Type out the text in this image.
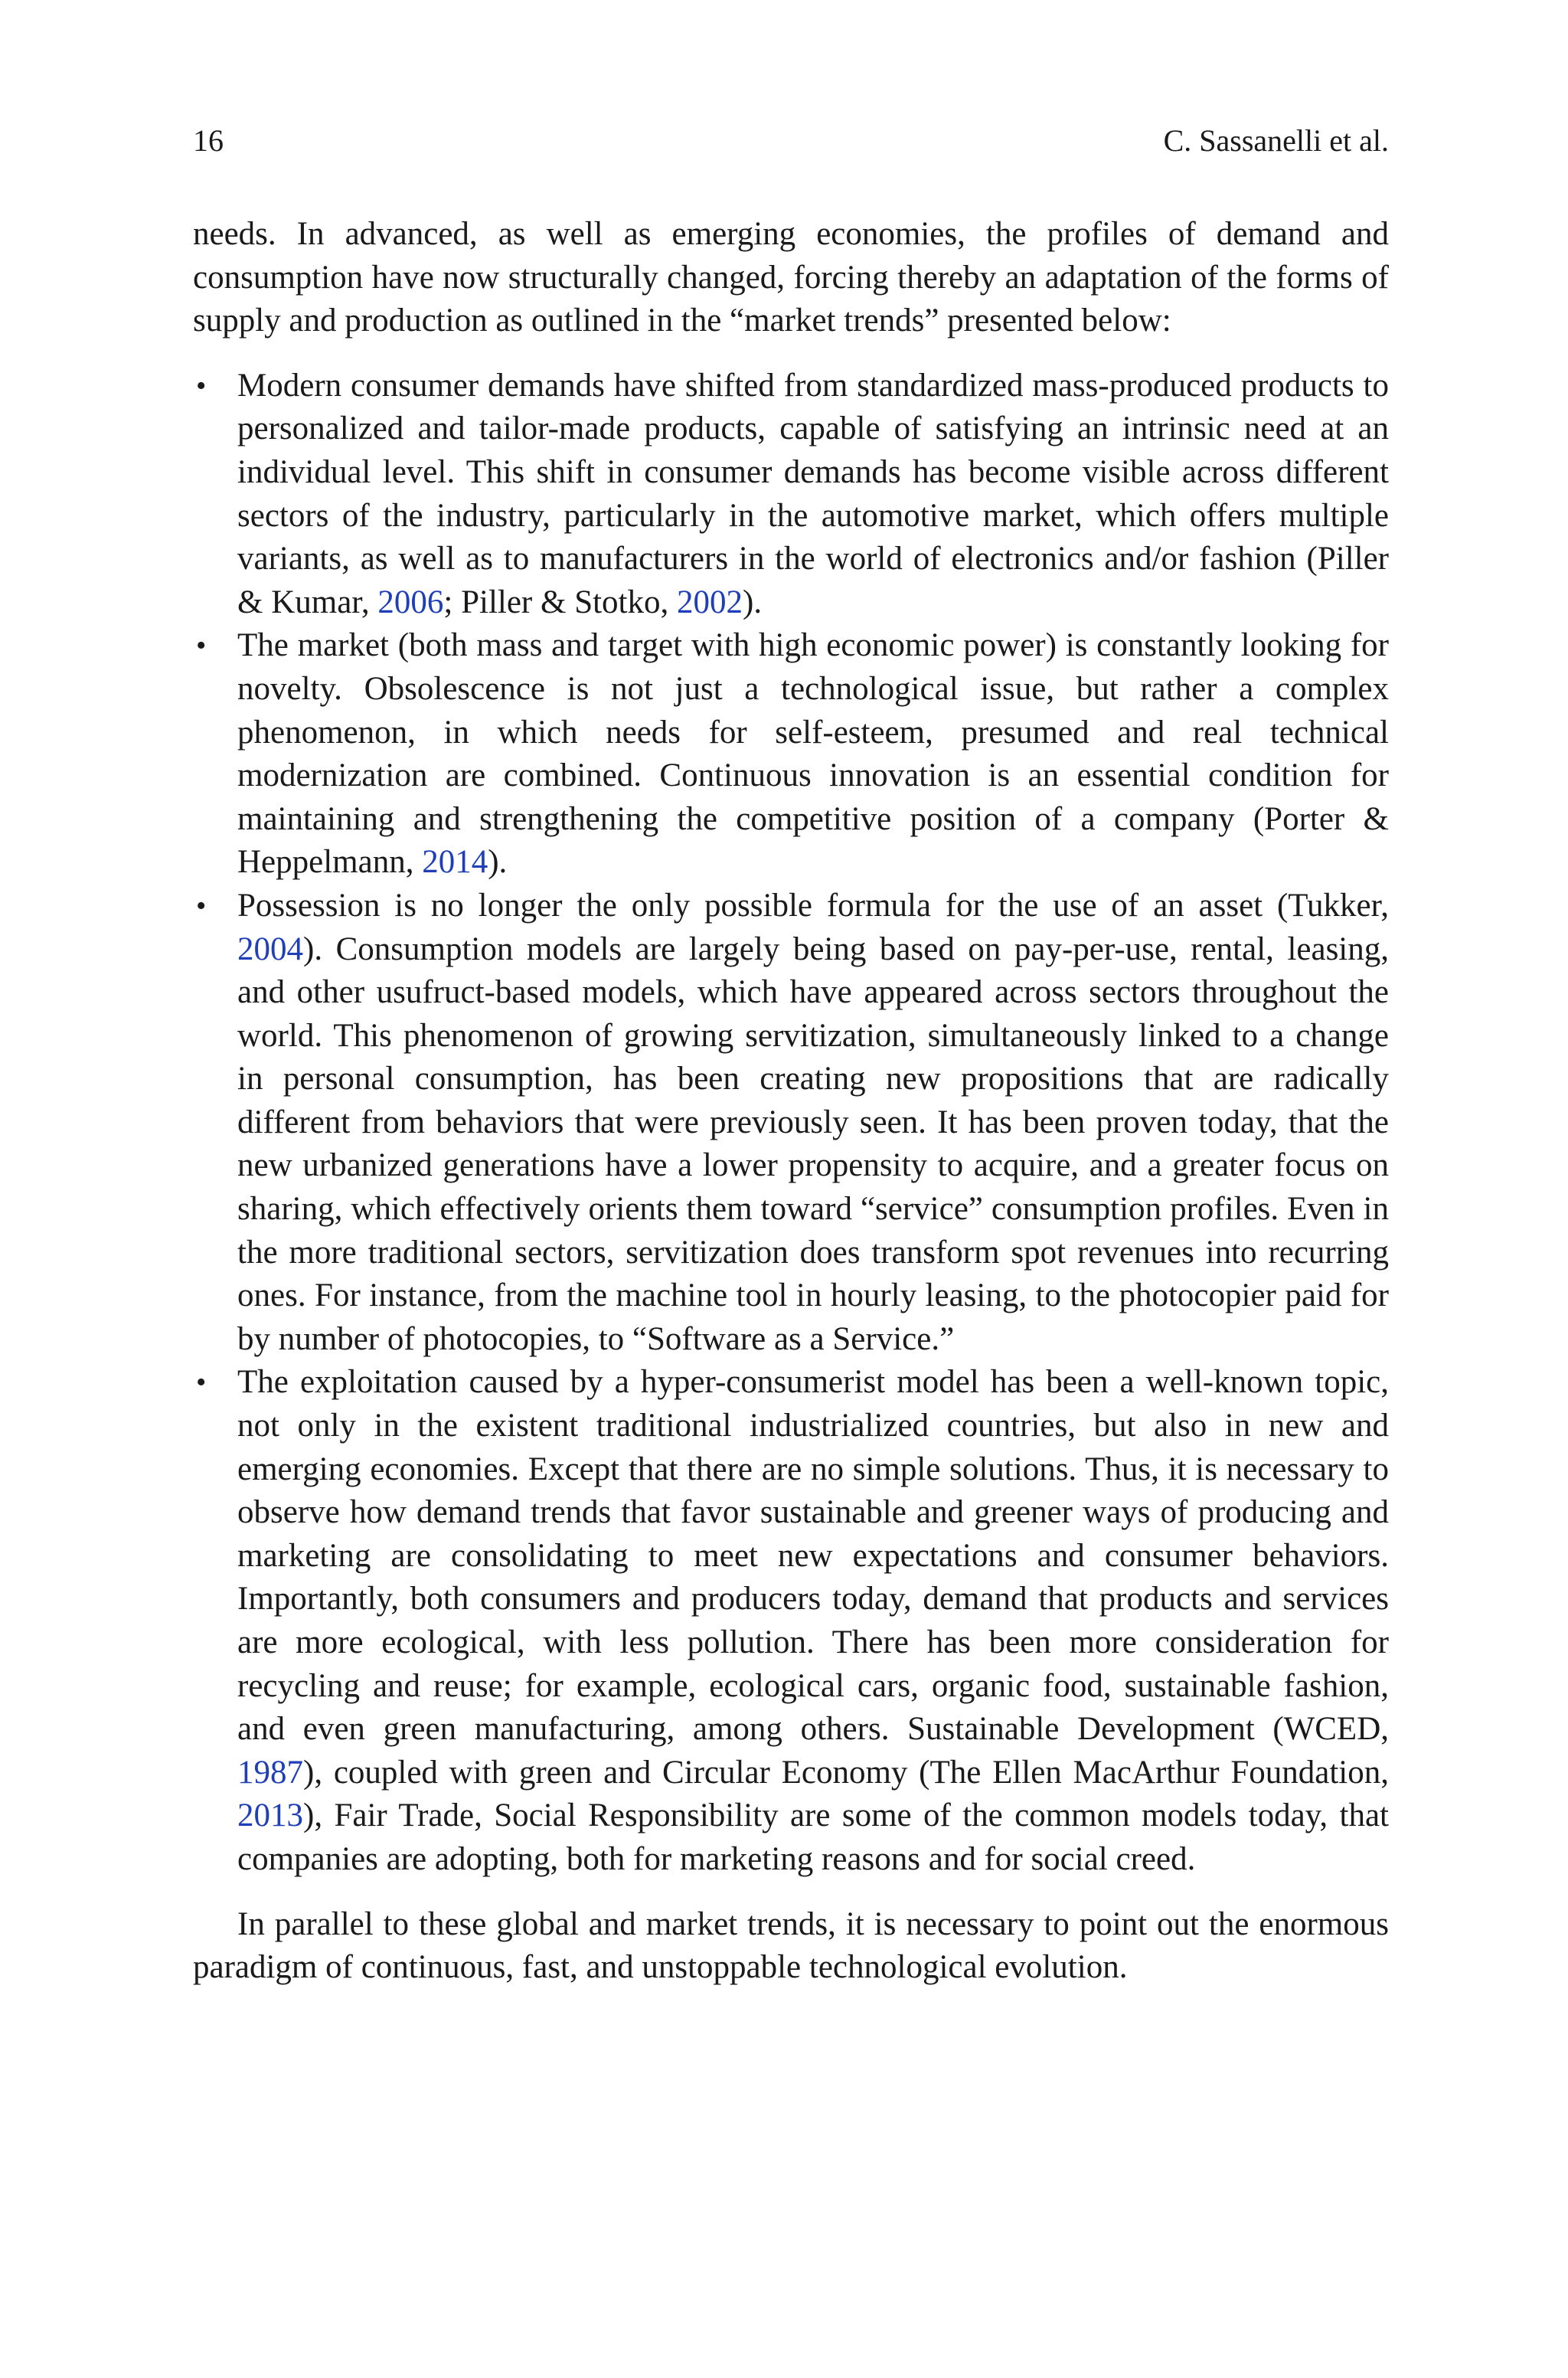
16	C. Sassanelli et al.

needs. In advanced, as well as emerging economies, the profiles of demand and consumption have now structurally changed, forcing thereby an adaptation of the forms of supply and production as outlined in the “market trends” presented below:

• Modern consumer demands have shifted from standardized mass-produced products to personalized and tailor-made products, capable of satisfying an intrinsic need at an individual level. This shift in consumer demands has become visible across different sectors of the industry, particularly in the automotive market, which offers multiple variants, as well as to manufacturers in the world of electronics and/or fashion (Piller & Kumar, 2006; Piller & Stotko, 2002).
• The market (both mass and target with high economic power) is constantly looking for novelty. Obsolescence is not just a technological issue, but rather a complex phenomenon, in which needs for self-esteem, presumed and real technical modernization are combined. Continuous innovation is an essential condition for maintaining and strengthening the competitive position of a company (Porter & Heppelmann, 2014).
• Possession is no longer the only possible formula for the use of an asset (Tukker, 2004). Consumption models are largely being based on pay-per-use, rental, leasing, and other usufruct-based models, which have appeared across sectors throughout the world. This phenomenon of growing servitization, simultaneously linked to a change in personal consumption, has been creating new propositions that are radically different from behaviors that were previously seen. It has been proven today, that the new urbanized generations have a lower propensity to acquire, and a greater focus on sharing, which effectively orients them toward “service” consumption profiles. Even in the more traditional sectors, servitization does transform spot revenues into recurring ones. For instance, from the machine tool in hourly leasing, to the photocopier paid for by number of photocopies, to “Software as a Service.”
• The exploitation caused by a hyper-consumerist model has been a well-known topic, not only in the existent traditional industrialized countries, but also in new and emerging economies. Except that there are no simple solutions. Thus, it is necessary to observe how demand trends that favor sustainable and greener ways of producing and marketing are consolidating to meet new expectations and consumer behaviors. Importantly, both consumers and producers today, demand that products and services are more ecological, with less pollution. There has been more consideration for recycling and reuse; for example, ecological cars, organic food, sustainable fashion, and even green manufacturing, among others. Sustainable Development (WCED, 1987), coupled with green and Circular Economy (The Ellen MacArthur Foundation, 2013), Fair Trade, Social Responsibility are some of the common models today, that companies are adopting, both for marketing reasons and for social creed.

In parallel to these global and market trends, it is necessary to point out the enormous paradigm of continuous, fast, and unstoppable technological evolution.
